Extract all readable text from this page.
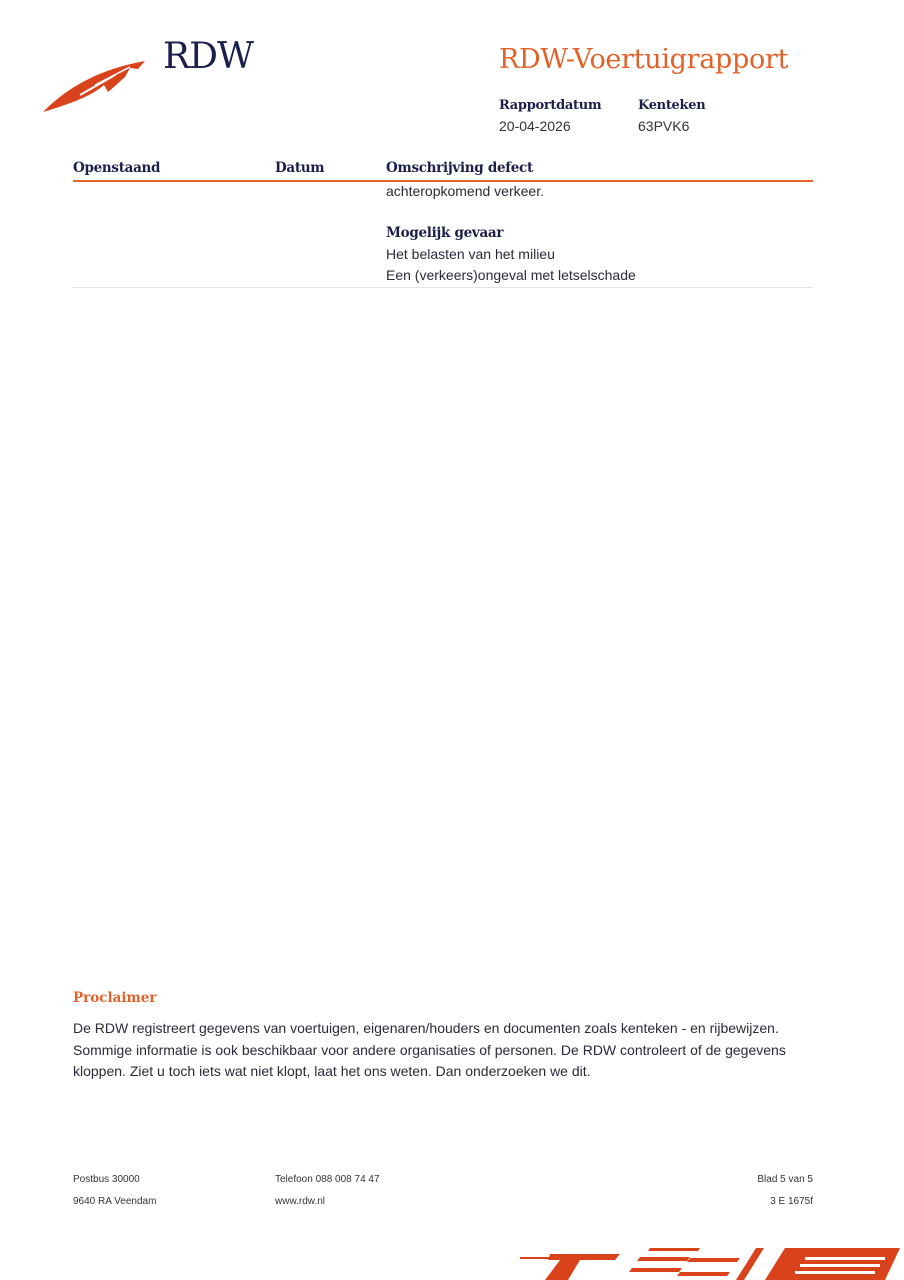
RDW	RDW-Voertuigrapport
Rapportdatum
20-04-2026
Kenteken
63PVK6
Openstaand	Datum	Omschrijving defect
achteropkomend verkeer.
Mogelijk gevaar
Het belasten van het milieu
Een (verkeers)ongeval met letselschade
Proclaimer
De RDW registreert gegevens van voertuigen, eigenaren/houders en documenten zoals kenteken - en rijbewijzen. Sommige informatie is ook beschikbaar voor andere organisaties of personen. De RDW controleert of de gegevens kloppen. Ziet u toch iets wat niet klopt, laat het ons weten. Dan onderzoeken we dit.
Postbus 30000
9640 RA Veendam
Telefoon 088 008 74 47
www.rdw.nl
Blad 5 van 5
3 E 1675f
